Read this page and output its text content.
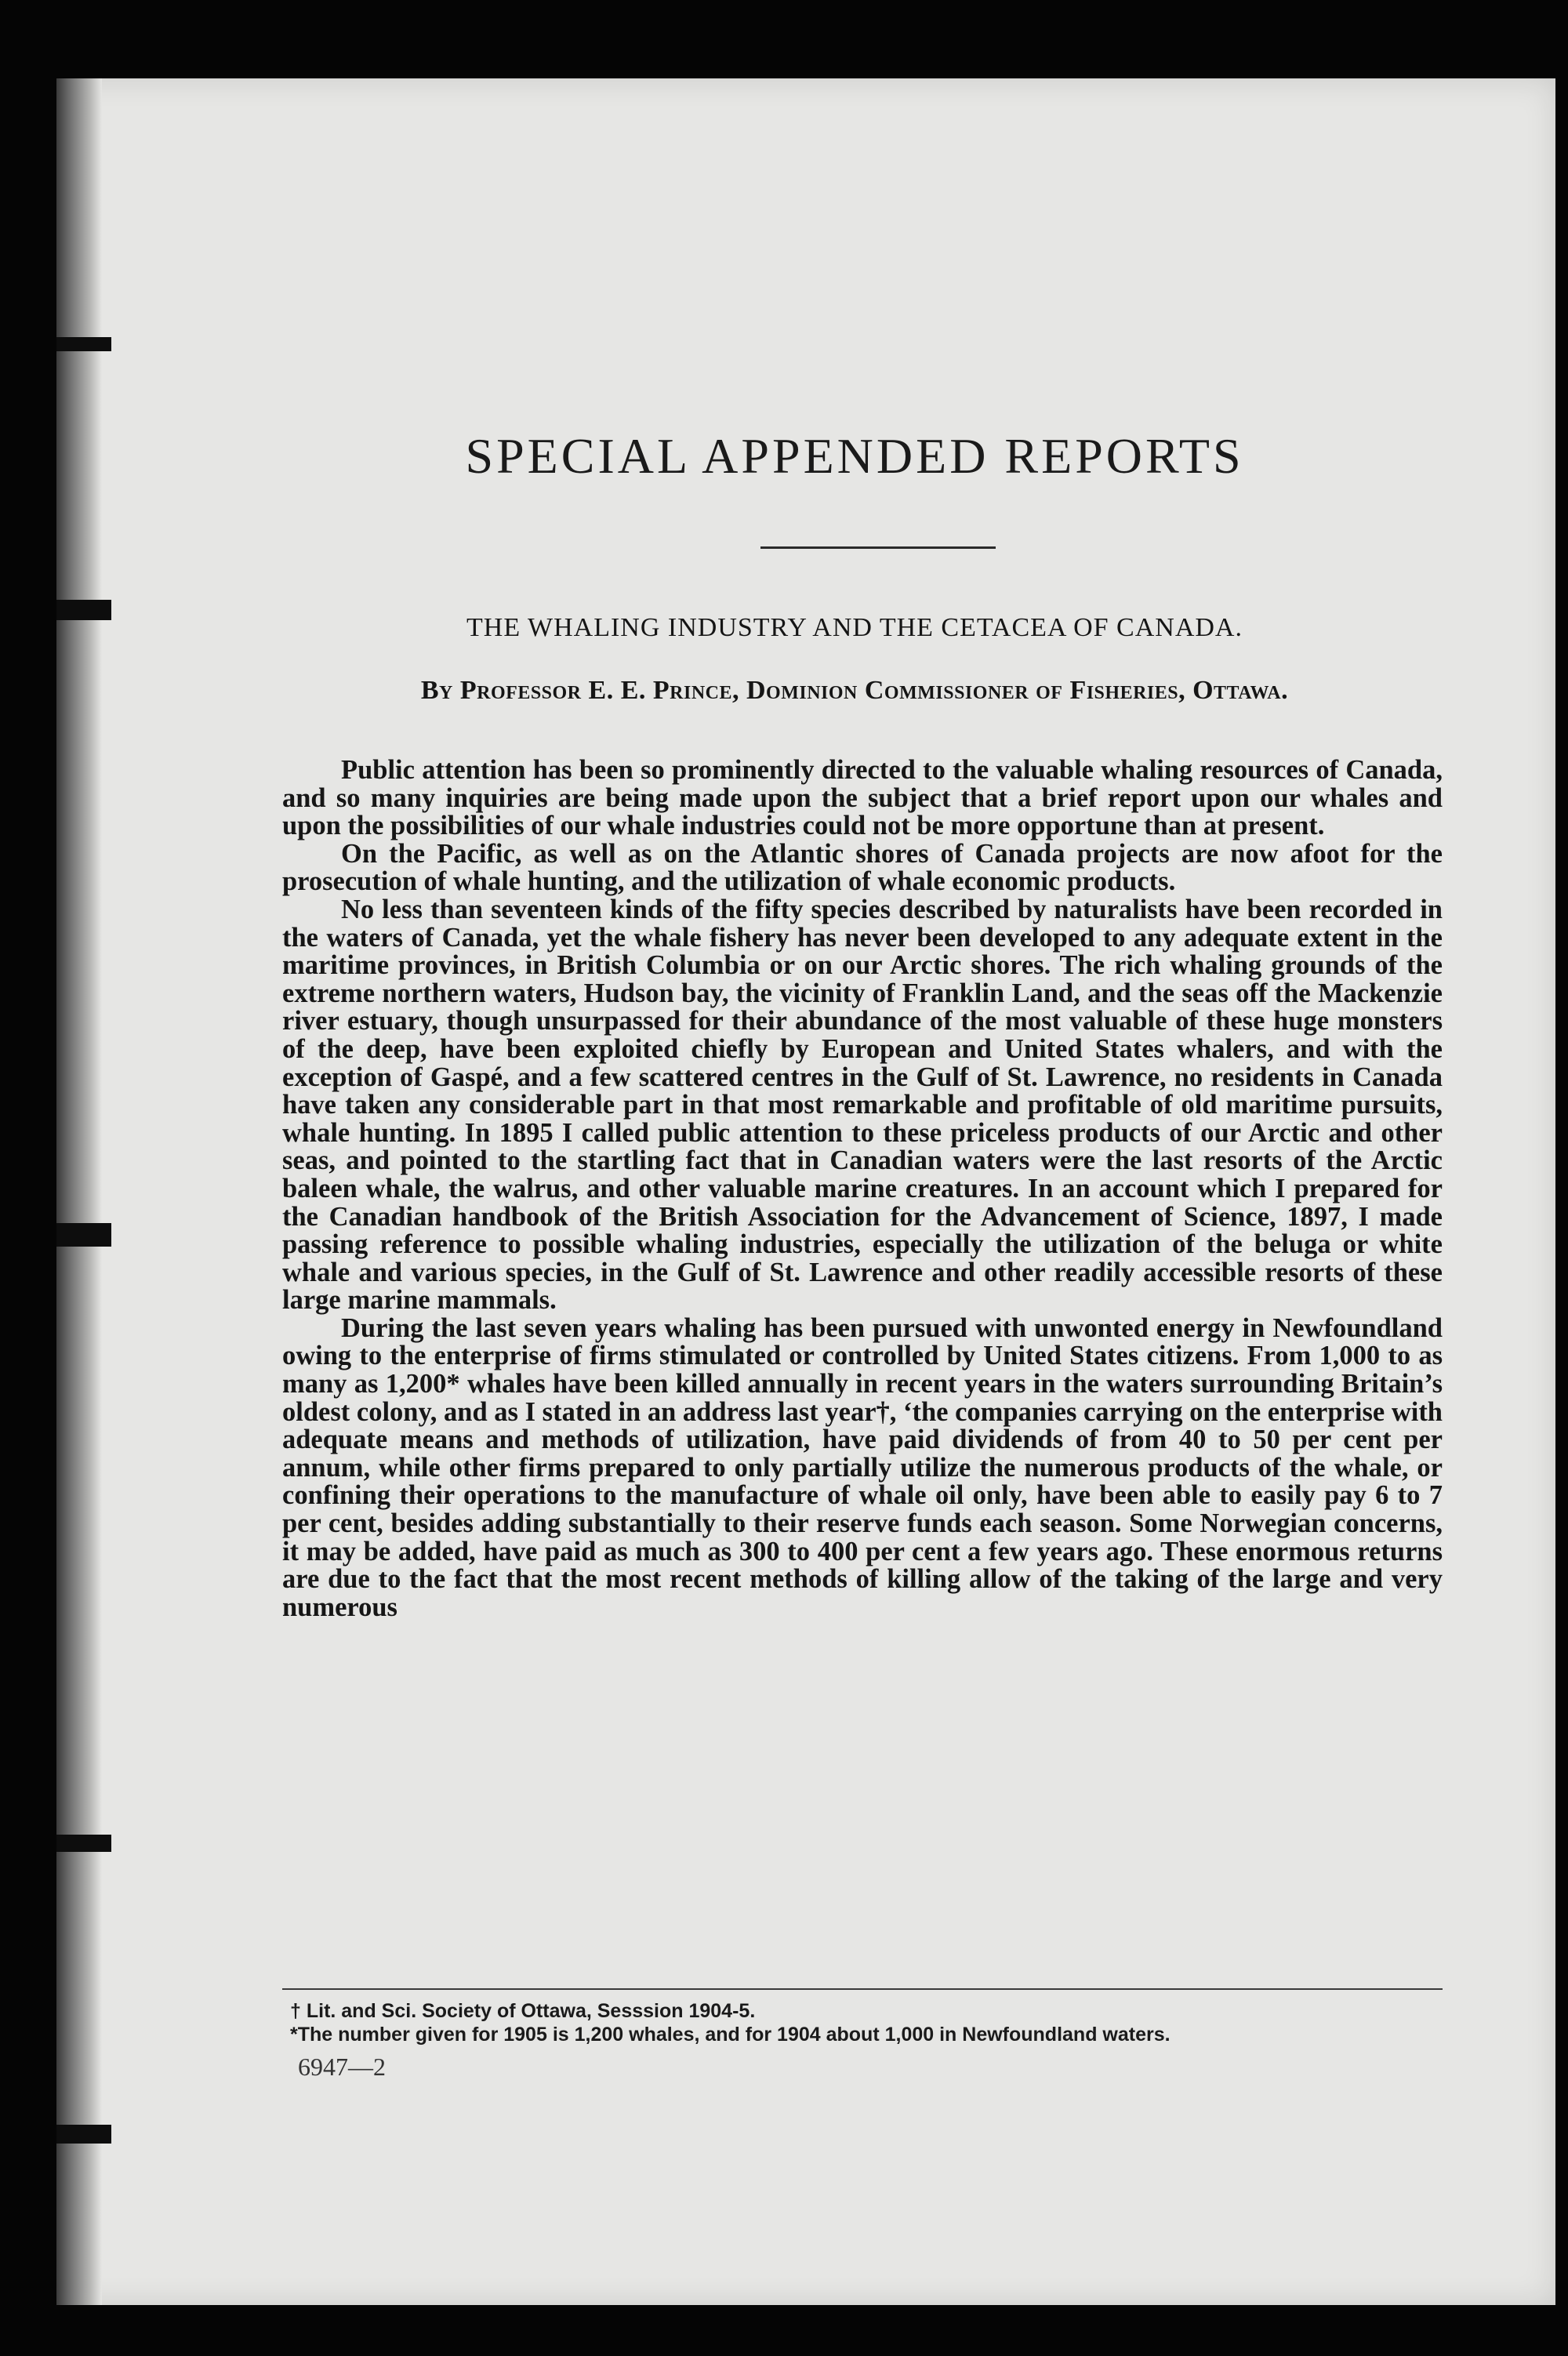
SPECIAL APPENDED REPORTS
THE WHALING INDUSTRY AND THE CETACEA OF CANADA.
By Professor E. E. Prince, Dominion Commissioner of Fisheries, Ottawa.

Public attention has been so prominently directed to the valuable whaling resources of Canada, and so many inquiries are being made upon the subject that a brief report upon our whales and upon the possibilities of our whale industries could not be more opportune than at present.

On the Pacific, as well as on the Atlantic shores of Canada projects are now afoot for the prosecution of whale hunting, and the utilization of whale economic products.

No less than seventeen kinds of the fifty species described by naturalists have been recorded in the waters of Canada, yet the whale fishery has never been developed to any adequate extent in the maritime provinces, in British Columbia or on our Arctic shores. The rich whaling grounds of the extreme northern waters, Hudson bay, the vicinity of Franklin Land, and the seas off the Mackenzie river estuary, though unsurpassed for their abundance of the most valuable of these huge monsters of the deep, have been exploited chiefly by European and United States whalers, and with the exception of Gaspé, and a few scattered centres in the Gulf of St. Lawrence, no residents in Canada have taken any considerable part in that most remarkable and profitable of old maritime pursuits, whale hunting. In 1895 I called public attention to these priceless products of our Arctic and other seas, and pointed to the startling fact that in Canadian waters were the last resorts of the Arctic baleen whale, the walrus, and other valuable marine creatures. In an account which I prepared for the Canadian handbook of the British Association for the Advancement of Science, 1897, I made passing reference to possible whaling industries, especially the utilization of the beluga or white whale and various species, in the Gulf of St. Lawrence and other readily accessible resorts of these large marine mammals.

During the last seven years whaling has been pursued with unwonted energy in Newfoundland owing to the enterprise of firms stimulated or controlled by United States citizens. From 1,000 to as many as 1,200* whales have been killed annually in recent years in the waters surrounding Britain’s oldest colony, and as I stated in an address last year†, ‘the companies carrying on the enterprise with adequate means and methods of utilization, have paid dividends of from 40 to 50 per cent per annum, while other firms prepared to only partially utilize the numerous products of the whale, or confining their operations to the manufacture of whale oil only, have been able to easily pay 6 to 7 per cent, besides adding substantially to their reserve funds each season. Some Norwegian concerns, it may be added, have paid as much as 300 to 400 per cent a few years ago. These enormous returns are due to the fact that the most recent methods of killing allow of the taking of the large and very numerous

† Lit. and Sci. Society of Ottawa, Sesssion 1904-5.

*The number given for 1905 is 1,200 whales, and for 1904 about 1,000 in Newfoundland waters.

6947—2
